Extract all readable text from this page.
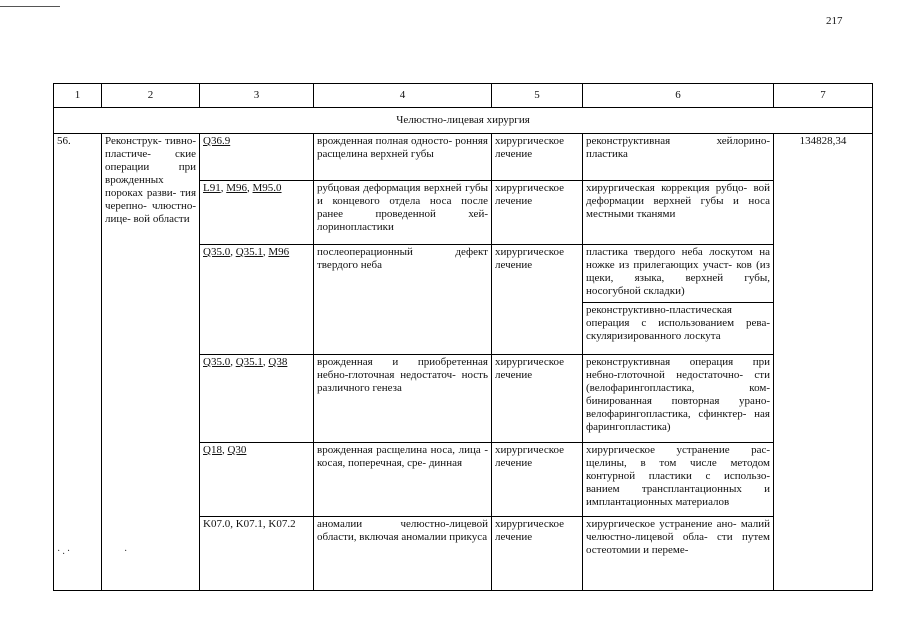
217
·.·	·
1	2	3	4	5	6	7
Челюстно-лицевая хирургия						
56.	Реконструк- тивно-пластиче- ские операции при врожденных пороках разви- тия черепно- члюстно-лице- вой области	Q36.9	врожденная полная односто- ронняя расщелина верхней губы	хирургическое лечение	реконструктивная хейлорино- пластика	134828,34
		L91, M96, M95.0	рубцовая деформация верхней губы и концевого отдела носа после ранее проведенной хей- лоринопластики	хирургическое лечение	хирургическая коррекция рубцо- вой деформации верхней губы и носа местными тканями	
		Q35.0, Q35.1, M96	послеоперационный дефект твердого неба	хирургическое лечение	пластика твердого неба лоскутом на ножке из прилегающих участ- ков (из щеки, языка, верхней губы, носогубной складки)	
					реконструктивно-пластическая операция с использованием рева- скуляризированного лоскута	
		Q35.0, Q35.1, Q38	врожденная и приобретенная небно-глоточная недостаточ- ность различного генеза	хирургическое лечение	реконструктивная операция при небно-глоточной недостаточно- сти (велофарингопластика, ком- бинированная повторная урано- велофарингопластика, сфинктер- ная фарингопластика)	
		Q18, Q30	врожденная расщелина носа, лица - косая, поперечная, сре- динная	хирургическое лечение	хирургическое устранение рас- щелины, в том числе методом контурной пластики с использо- ванием трансплантационных и имплантационных материалов	
		K07.0, K07.1, K07.2	аномалии челюстно-лицевой области, включая аномалии прикуса	хирургическое лечение	хирургическое устранение ано- малий челюстно-лицевой обла- сти путем остеотомии и переме-	
